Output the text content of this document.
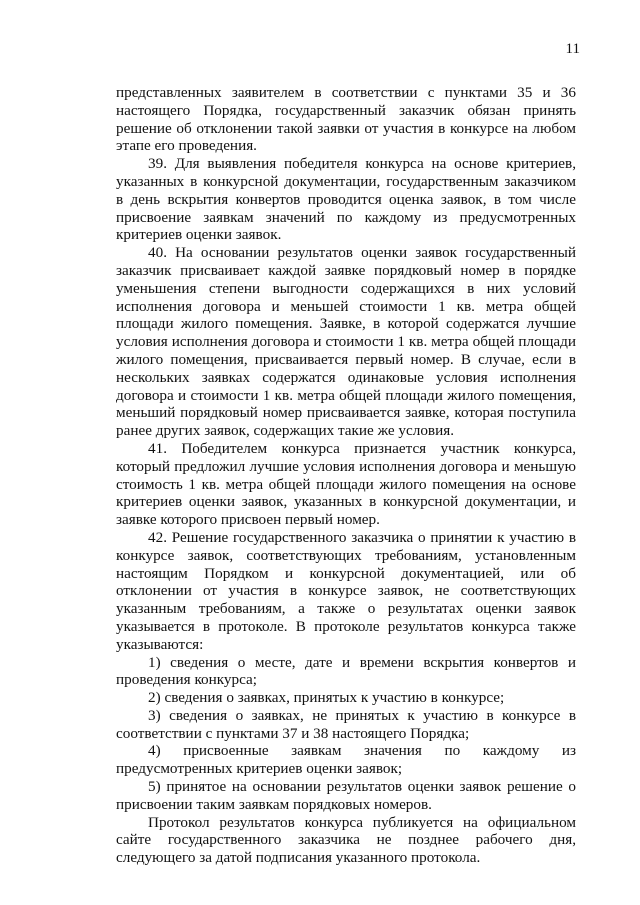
11

представленных заявителем в соответствии с пунктами 35 и 36 настоящего Порядка, государственный заказчик обязан принять решение об отклонении такой заявки от участия в конкурсе на любом этапе его проведения.

39. Для выявления победителя конкурса на основе критериев, указанных в конкурсной документации, государственным заказчиком в день вскрытия конвертов проводится оценка заявок, в том числе присвоение заявкам значений по каждому из предусмотренных критериев оценки заявок.

40. На основании результатов оценки заявок государственный заказчик присваивает каждой заявке порядковый номер в порядке уменьшения степени выгодности содержащихся в них условий исполнения договора и меньшей стоимости 1 кв. метра общей площади жилого помещения. Заявке, в которой содержатся лучшие условия исполнения договора и стоимости 1 кв. метра общей площади жилого помещения, присваивается первый номер. В случае, если в нескольких заявках содержатся одинаковые условия исполнения договора и стоимости 1 кв. метра общей площади жилого помещения, меньший порядковый номер присваивается заявке, которая поступила ранее других заявок, содержащих такие же условия.

41. Победителем конкурса признается участник конкурса, который предложил лучшие условия исполнения договора и меньшую стоимость 1 кв. метра общей площади жилого помещения на основе критериев оценки заявок, указанных в конкурсной документации, и заявке которого присвоен первый номер.

42. Решение государственного заказчика о принятии к участию в конкурсе заявок, соответствующих требованиям, установленным настоящим Порядком и конкурсной документацией, или об отклонении от участия в конкурсе заявок, не соответствующих указанным требованиям, а также о результатах оценки заявок указывается в протоколе. В протоколе результатов конкурса также указываются:

1) сведения о месте, дате и времени вскрытия конвертов и проведения конкурса;

2) сведения о заявках, принятых к участию в конкурсе;

3) сведения о заявках, не принятых к участию в конкурсе в соответствии с пунктами 37 и 38 настоящего Порядка;

4) присвоенные заявкам значения по каждому из предусмотренных критериев оценки заявок;

5) принятое на основании результатов оценки заявок решение о присвоении таким заявкам порядковых номеров.

Протокол результатов конкурса публикуется на официальном сайте государственного заказчика не позднее рабочего дня, следующего за датой подписания указанного протокола.
